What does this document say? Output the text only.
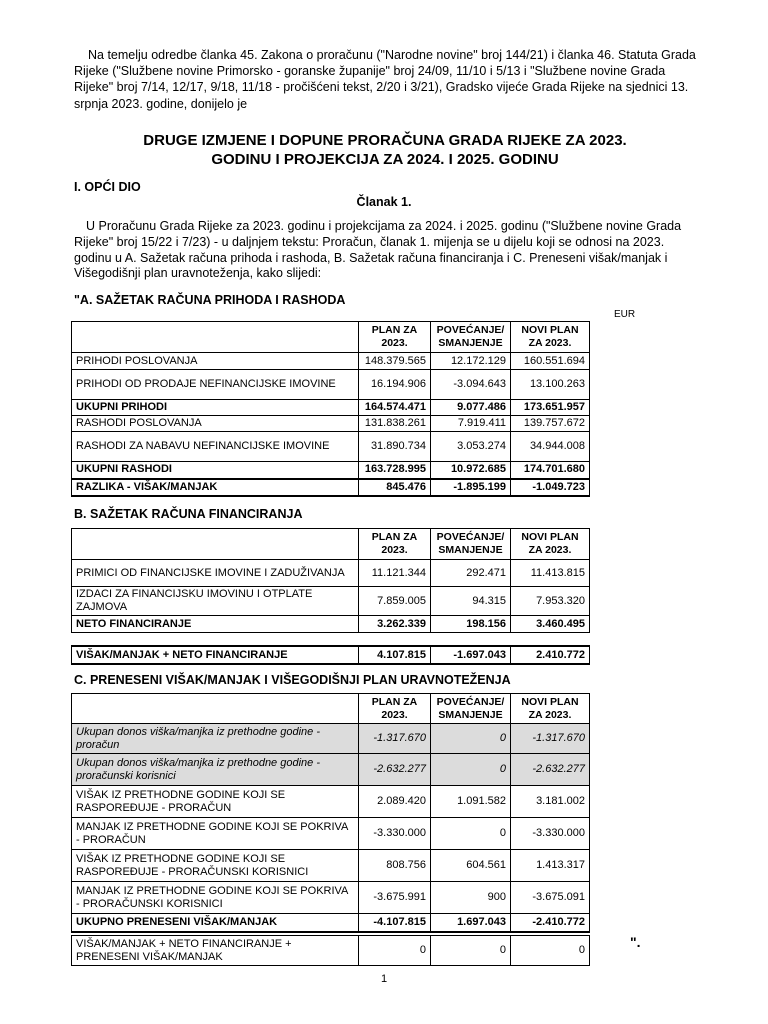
Na temelju odredbe članka 45. Zakona o proračunu ("Narodne novine" broj 144/21) i članka 46. Statuta Grada Rijeke ("Službene novine Primorsko - goranske županije" broj 24/09, 11/10 i 5/13 i "Službene novine Grada Rijeke" broj 7/14, 12/17, 9/18, 11/18 - pročišćeni tekst, 2/20 i 3/21), Gradsko vijeće Grada Rijeke na sjednici 13. srpnja 2023. godine, donijelo je

DRUGE IZMJENE I DOPUNE PRORAČUNA GRADA RIJEKE ZA 2023.
GODINU I PROJEKCIJA ZA 2024. I 2025. GODINU
I. OPĆI DIO
Članak 1.

U Proračunu Grada Rijeke za 2023. godinu i projekcijama za 2024. i 2025. godinu ("Službene novine Grada Rijeke" broj 15/22 i 7/23) - u daljnjem tekstu: Proračun, članak 1. mijenja se u dijelu koji se odnosi na 2023. godinu u A. Sažetak računa prihoda i rashoda, B. Sažetak računa financiranja i C. Preneseni višak/manjak i Višegodišnji plan uravnoteženja, kako slijedi:

"A. SAŽETAK RAČUNA PRIHODA I RASHODA
EUR
	PLAN ZA 2023.	POVEĆANJE/ SMANJENJE	NOVI PLAN ZA 2023.
PRIHODI POSLOVANJA	148.379.565	12.172.129	160.551.694
PRIHODI OD PRODAJE NEFINANCIJSKE IMOVINE	16.194.906	-3.094.643	13.100.263
UKUPNI PRIHODI	164.574.471	9.077.486	173.651.957
RASHODI POSLOVANJA	131.838.261	7.919.411	139.757.672
RASHODI ZA NABAVU NEFINANCIJSKE IMOVINE	31.890.734	3.053.274	34.944.008
UKUPNI RASHODI	163.728.995	10.972.685	174.701.680
RAZLIKA - VIŠAK/MANJAK	845.476	-1.895.199	-1.049.723
B. SAŽETAK RAČUNA FINANCIRANJA
	PLAN ZA 2023.	POVEĆANJE/ SMANJENJE	NOVI PLAN ZA 2023.
PRIMICI OD FINANCIJSKE IMOVINE I ZADUŽIVANJA	11.121.344	292.471	11.413.815
IZDACI ZA FINANCIJSKU IMOVINU I OTPLATE ZAJMOVA	7.859.005	94.315	7.953.320
NETO FINANCIRANJE	3.262.339	198.156	3.460.495
VIŠAK/MANJAK + NETO FINANCIRANJE	4.107.815	-1.697.043	2.410.772
C. PRENESENI VIŠAK/MANJAK I VIŠEGODIŠNJI PLAN URAVNOTEŽENJA
	PLAN ZA 2023.	POVEĆANJE/ SMANJENJE	NOVI PLAN ZA 2023.
Ukupan donos viška/manjka iz prethodne godine - proračun	-1.317.670	0	-1.317.670
Ukupan donos viška/manjka iz prethodne godine - proračunski korisnici	-2.632.277	0	-2.632.277
VIŠAK IZ PRETHODNE GODINE KOJI SE RASPOREĐUJE - PRORAČUN	2.089.420	1.091.582	3.181.002
MANJAK IZ PRETHODNE GODINE KOJI SE POKRIVA - PRORAČUN	-3.330.000	0	-3.330.000
VIŠAK IZ PRETHODNE GODINE KOJI SE RASPOREĐUJE - PRORAČUNSKI KORISNICI	808.756	604.561	1.413.317
MANJAK IZ PRETHODNE GODINE KOJI SE POKRIVA - PRORAČUNSKI KORISNICI	-3.675.991	900	-3.675.091
UKUPNO PRENESENI VIŠAK/MANJAK	-4.107.815	1.697.043	-2.410.772
VIŠAK/MANJAK + NETO FINANCIRANJE + PRENESENI VIŠAK/MANJAK	0	0	0	".
1
